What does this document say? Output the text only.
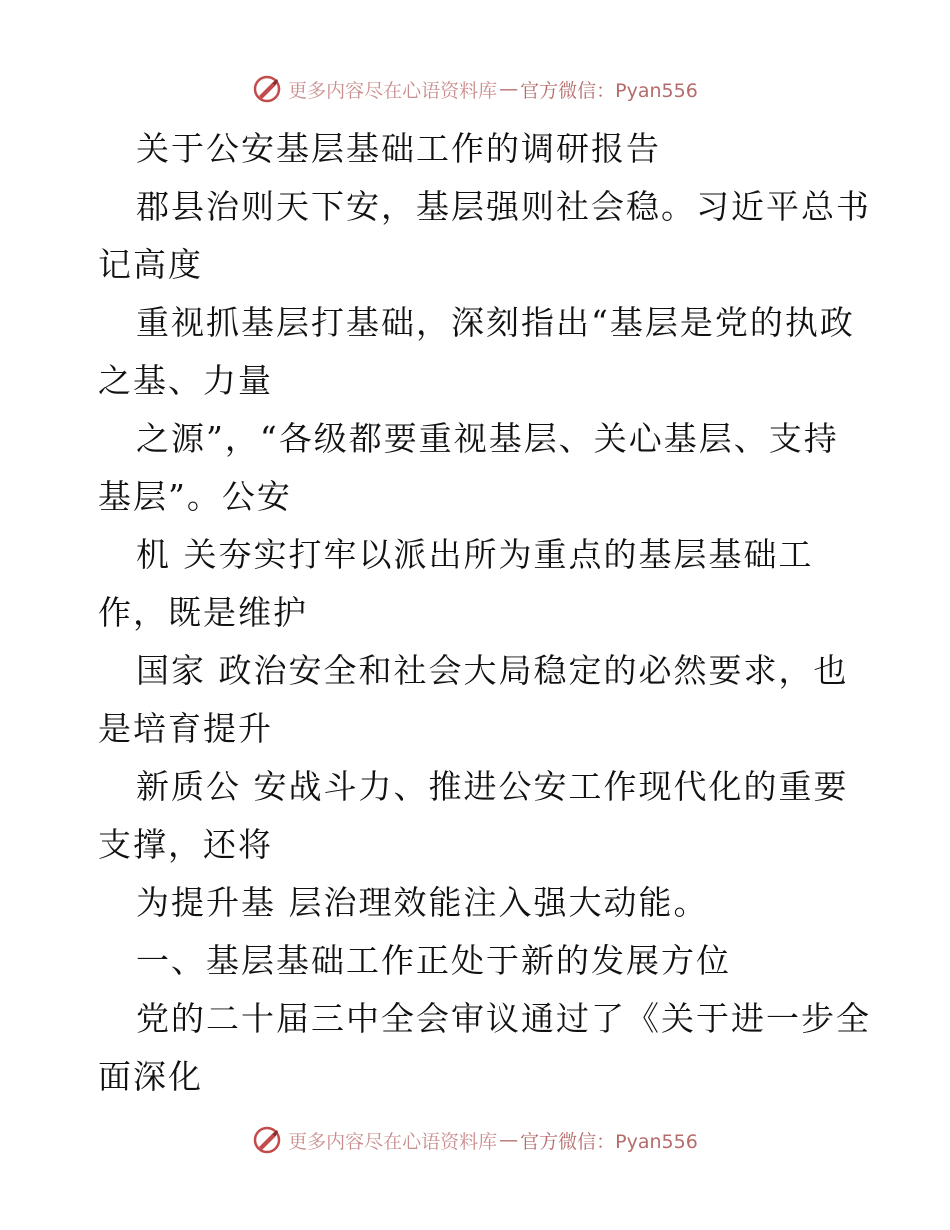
更多内容尽在心语资料库 — 官方微信：Pyan556
关于公安基层基础工作的调研报告
郡县治则天下安，基层强则社会稳。习近平总书
记高度
重视抓基层打基础，深刻指出“基层是党的执政
之基、力量
之源”，“各级都要重视基层、关心基层、支持
基层”。公安
机 关夯实打牢以派出所为重点的基层基础工
作，既是维护
国家 政治安全和社会大局稳定的必然要求，也
是培育提升
新质公 安战斗力、推进公安工作现代化的重要
支撑，还将
为提升基 层治理效能注入强大动能。
一、基层基础工作正处于新的发展方位
党的二十届三中全会审议通过了《关于进一步全
面深化
更多内容尽在心语资料库 — 官方微信：Pyan556
